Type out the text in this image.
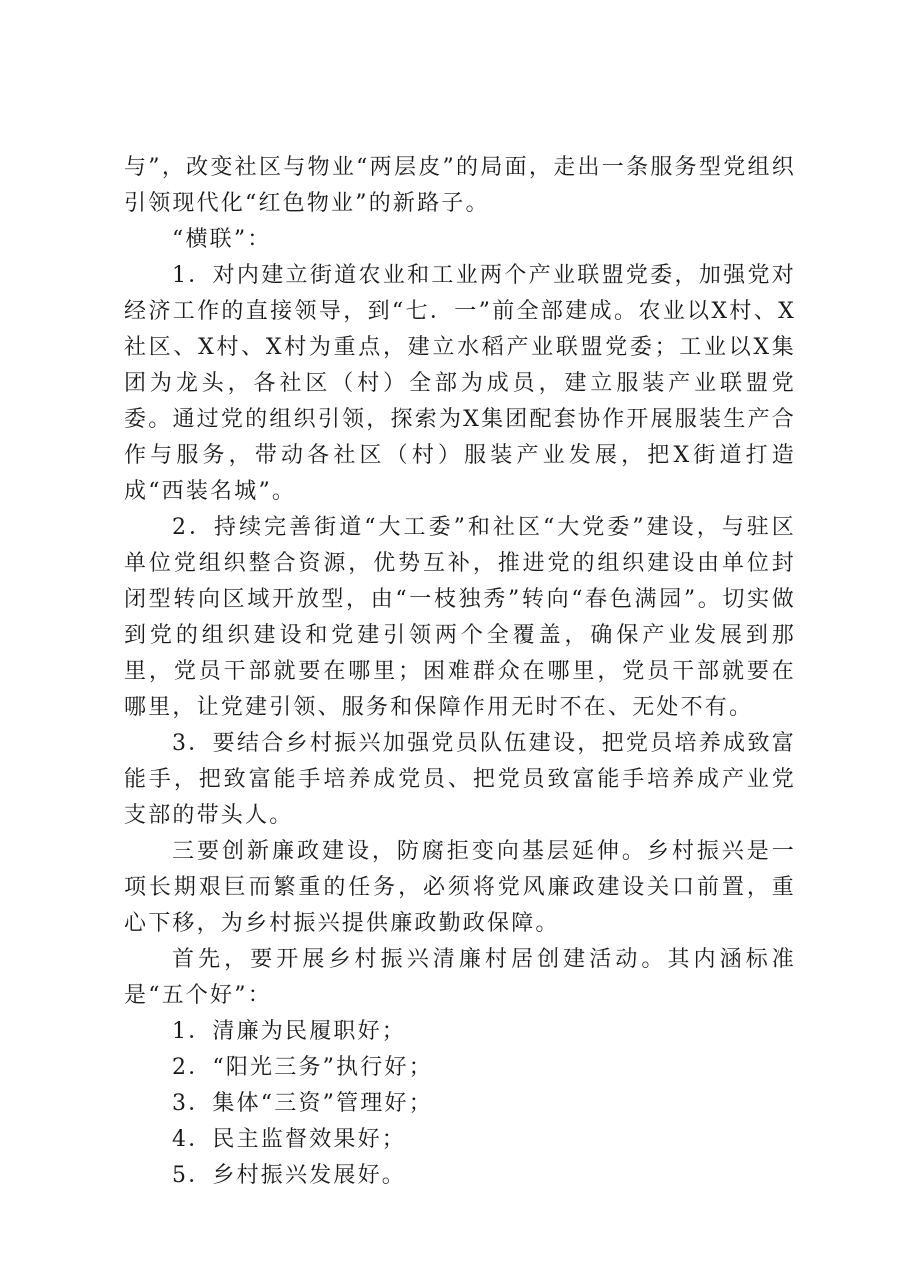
与”，改变社区与物业“两层皮”的局面，走出一条服务型党组织引领现代化“红色物业”的新路子。

“横联”：

1．对内建立街道农业和工业两个产业联盟党委，加强党对经济工作的直接领导，到“七．一”前全部建成。农业以X村、X社区、X村、X村为重点，建立水稻产业联盟党委；工业以X集团为龙头，各社区（村）全部为成员，建立服装产业联盟党委。通过党的组织引领，探索为X集团配套协作开展服装生产合作与服务，带动各社区（村）服装产业发展，把X街道打造成“西装名城”。

2．持续完善街道“大工委”和社区“大党委”建设，与驻区单位党组织整合资源，优势互补，推进党的组织建设由单位封闭型转向区域开放型，由“一枝独秀”转向“春色满园”。切实做到党的组织建设和党建引领两个全覆盖，确保产业发展到那里，党员干部就要在哪里；困难群众在哪里，党员干部就要在哪里，让党建引领、服务和保障作用无时不在、无处不有。

3．要结合乡村振兴加强党员队伍建设，把党员培养成致富能手，把致富能手培养成党员、把党员致富能手培养成产业党支部的带头人。

三要创新廉政建设，防腐拒变向基层延伸。乡村振兴是一项长期艰巨而繁重的任务，必须将党风廉政建设关口前置，重心下移，为乡村振兴提供廉政勤政保障。

首先，要开展乡村振兴清廉村居创建活动。其内涵标准是“五个好”：

1．清廉为民履职好；

2．“阳光三务”执行好；

3．集体“三资”管理好；

4．民主监督效果好；

5．乡村振兴发展好。
